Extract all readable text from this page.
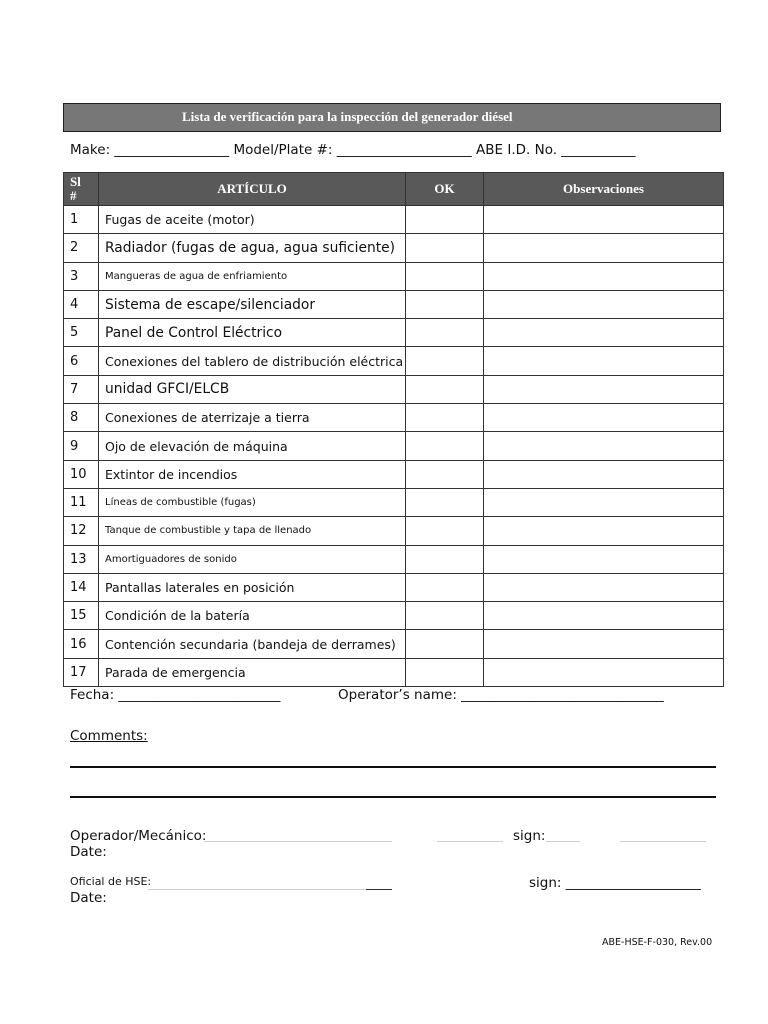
Lista de verificación para la inspección del generador diésel
Make: _________________ Model/Plate #: ____________________ ABE I.D. No. ___________
Sl
#	ARTÍCULO	OK	Observaciones
1	Fugas de aceite (motor)		
2	Radiador (fugas de agua, agua suficiente)		
3	Mangueras de agua de enfriamiento		
4	Sistema de escape/silenciador		
5	Panel de Control Eléctrico		
6	Conexiones del tablero de distribución eléctrica		
7	unidad GFCI/ELCB		
8	Conexiones de aterrizaje a tierra		
9	Ojo de elevación de máquina		
10	Extintor de incendios		
11	Líneas de combustible (fugas)		
12	Tanque de combustible y tapa de llenado		
13	Amortiguadores de sonido		
14	Pantallas laterales en posición		
15	Condición de la batería		
16	Contención secundaria (bandeja de derrames)		
17	Parada de emergencia		
Fecha: ________________________	Operator’s name: ______________________________
Comments:
Operador/Mecánico:	sign:
Date:
Oficial de HSE:	sign: ____________________
Date:
ABE-HSE-F-030, Rev.00
